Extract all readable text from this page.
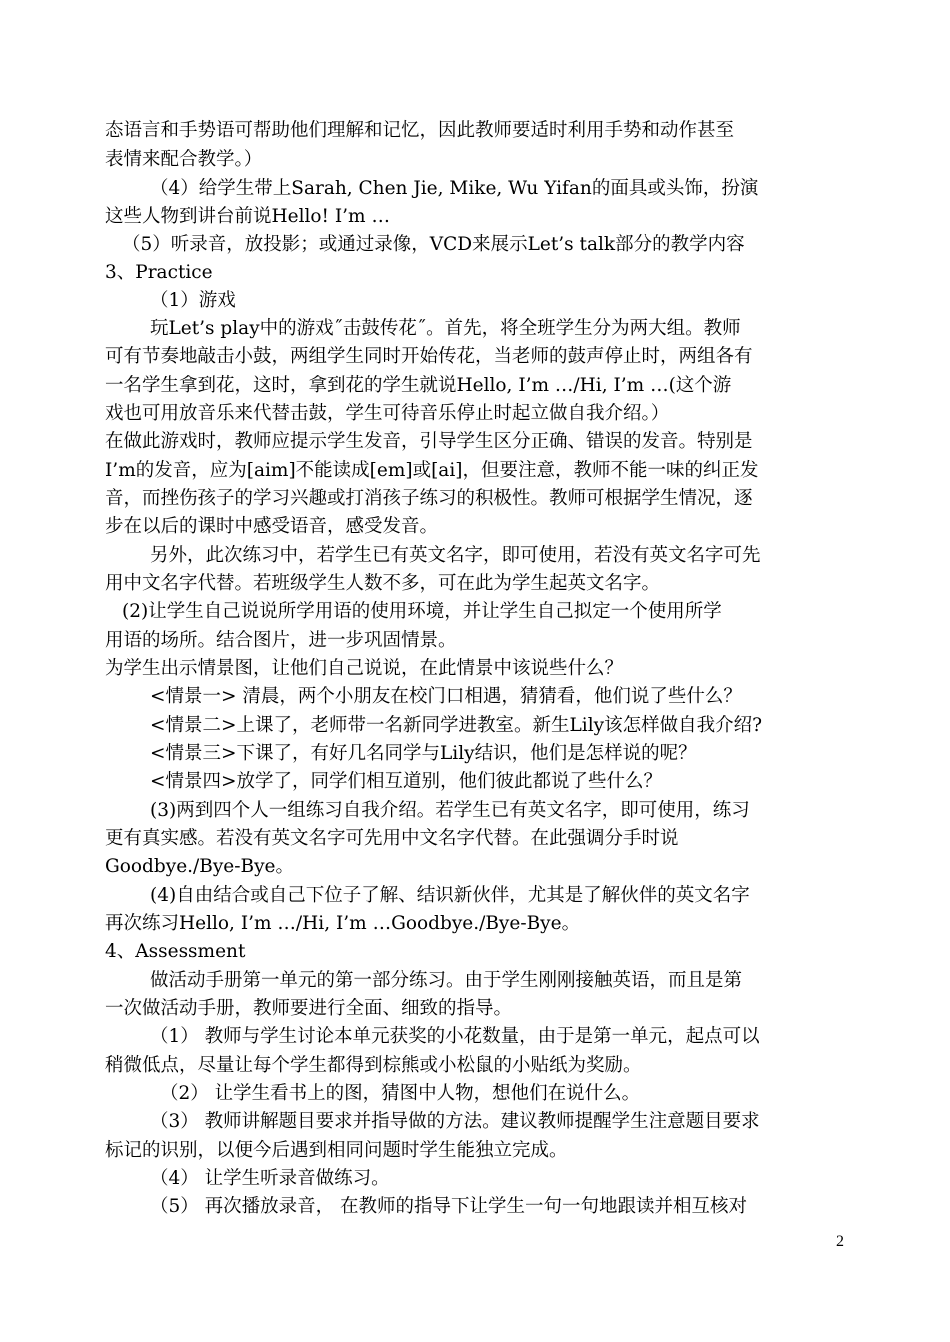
态语言和手势语可帮助他们理解和记忆，因此教师要适时利用手势和动作甚至
表情来配合教学。）
（4）给学生带上Sarah, Chen Jie, Mike, Wu Yifan的面具或头饰，扮演
这些人物到讲台前说Hello! I’m …
（5）听录音，放投影；或通过录像，VCD来展示Let’s talk部分的教学内容
3、Practice
（1）游戏
玩Let’s play中的游戏˝击鼓传花˝。首先，将全班学生分为两大组。教师
可有节奏地敲击小鼓，两组学生同时开始传花，当老师的鼓声停止时，两组各有
一名学生拿到花，这时，拿到花的学生就说Hello, I’m …/Hi, I’m …(这个游
戏也可用放音乐来代替击鼓，学生可待音乐停止时起立做自我介绍。）
在做此游戏时，教师应提示学生发音，引导学生区分正确、错误的发音。特别是
I’m的发音，应为[aim]不能读成[em]或[ai]，但要注意，教师不能一味的纠正发
音，而挫伤孩子的学习兴趣或打消孩子练习的积极性。教师可根据学生情况，逐
步在以后的课时中感受语音，感受发音。
另外，此次练习中，若学生已有英文名字，即可使用，若没有英文名字可先
用中文名字代替。若班级学生人数不多，可在此为学生起英文名字。
(2)让学生自己说说所学用语的使用环境，并让学生自己拟定一个使用所学
用语的场所。结合图片，进一步巩固情景。
为学生出示情景图，让他们自己说说，在此情景中该说些什么？
<情景一> 清晨，两个小朋友在校门口相遇，猜猜看，他们说了些什么？
<情景二>上课了，老师带一名新同学进教室。新生Lily该怎样做自我介绍?
<情景三>下课了，有好几名同学与Lily结识，他们是怎样说的呢？
<情景四>放学了，同学们相互道别，他们彼此都说了些什么？
(3)两到四个人一组练习自我介绍。若学生已有英文名字，即可使用，练习
更有真实感。若没有英文名字可先用中文名字代替。在此强调分手时说
Goodbye./Bye-Bye。
(4)自由结合或自己下位子了解、结识新伙伴，尤其是了解伙伴的英文名字
再次练习Hello, I’m …/Hi, I’m …Goodbye./Bye-Bye。
4、Assessment
做活动手册第一单元的第一部分练习。由于学生刚刚接触英语，而且是第
一次做活动手册，教师要进行全面、细致的指导。
（1） 教师与学生讨论本单元获奖的小花数量，由于是第一单元，起点可以
稍微低点，尽量让每个学生都得到棕熊或小松鼠的小贴纸为奖励。
（2） 让学生看书上的图，猜图中人物，想他们在说什么。
（3） 教师讲解题目要求并指导做的方法。建议教师提醒学生注意题目要求
标记的识别，以便今后遇到相同问题时学生能独立完成。
（4） 让学生听录音做练习。
（5） 再次播放录音， 在教师的指导下让学生一句一句地跟读并相互核对
2
